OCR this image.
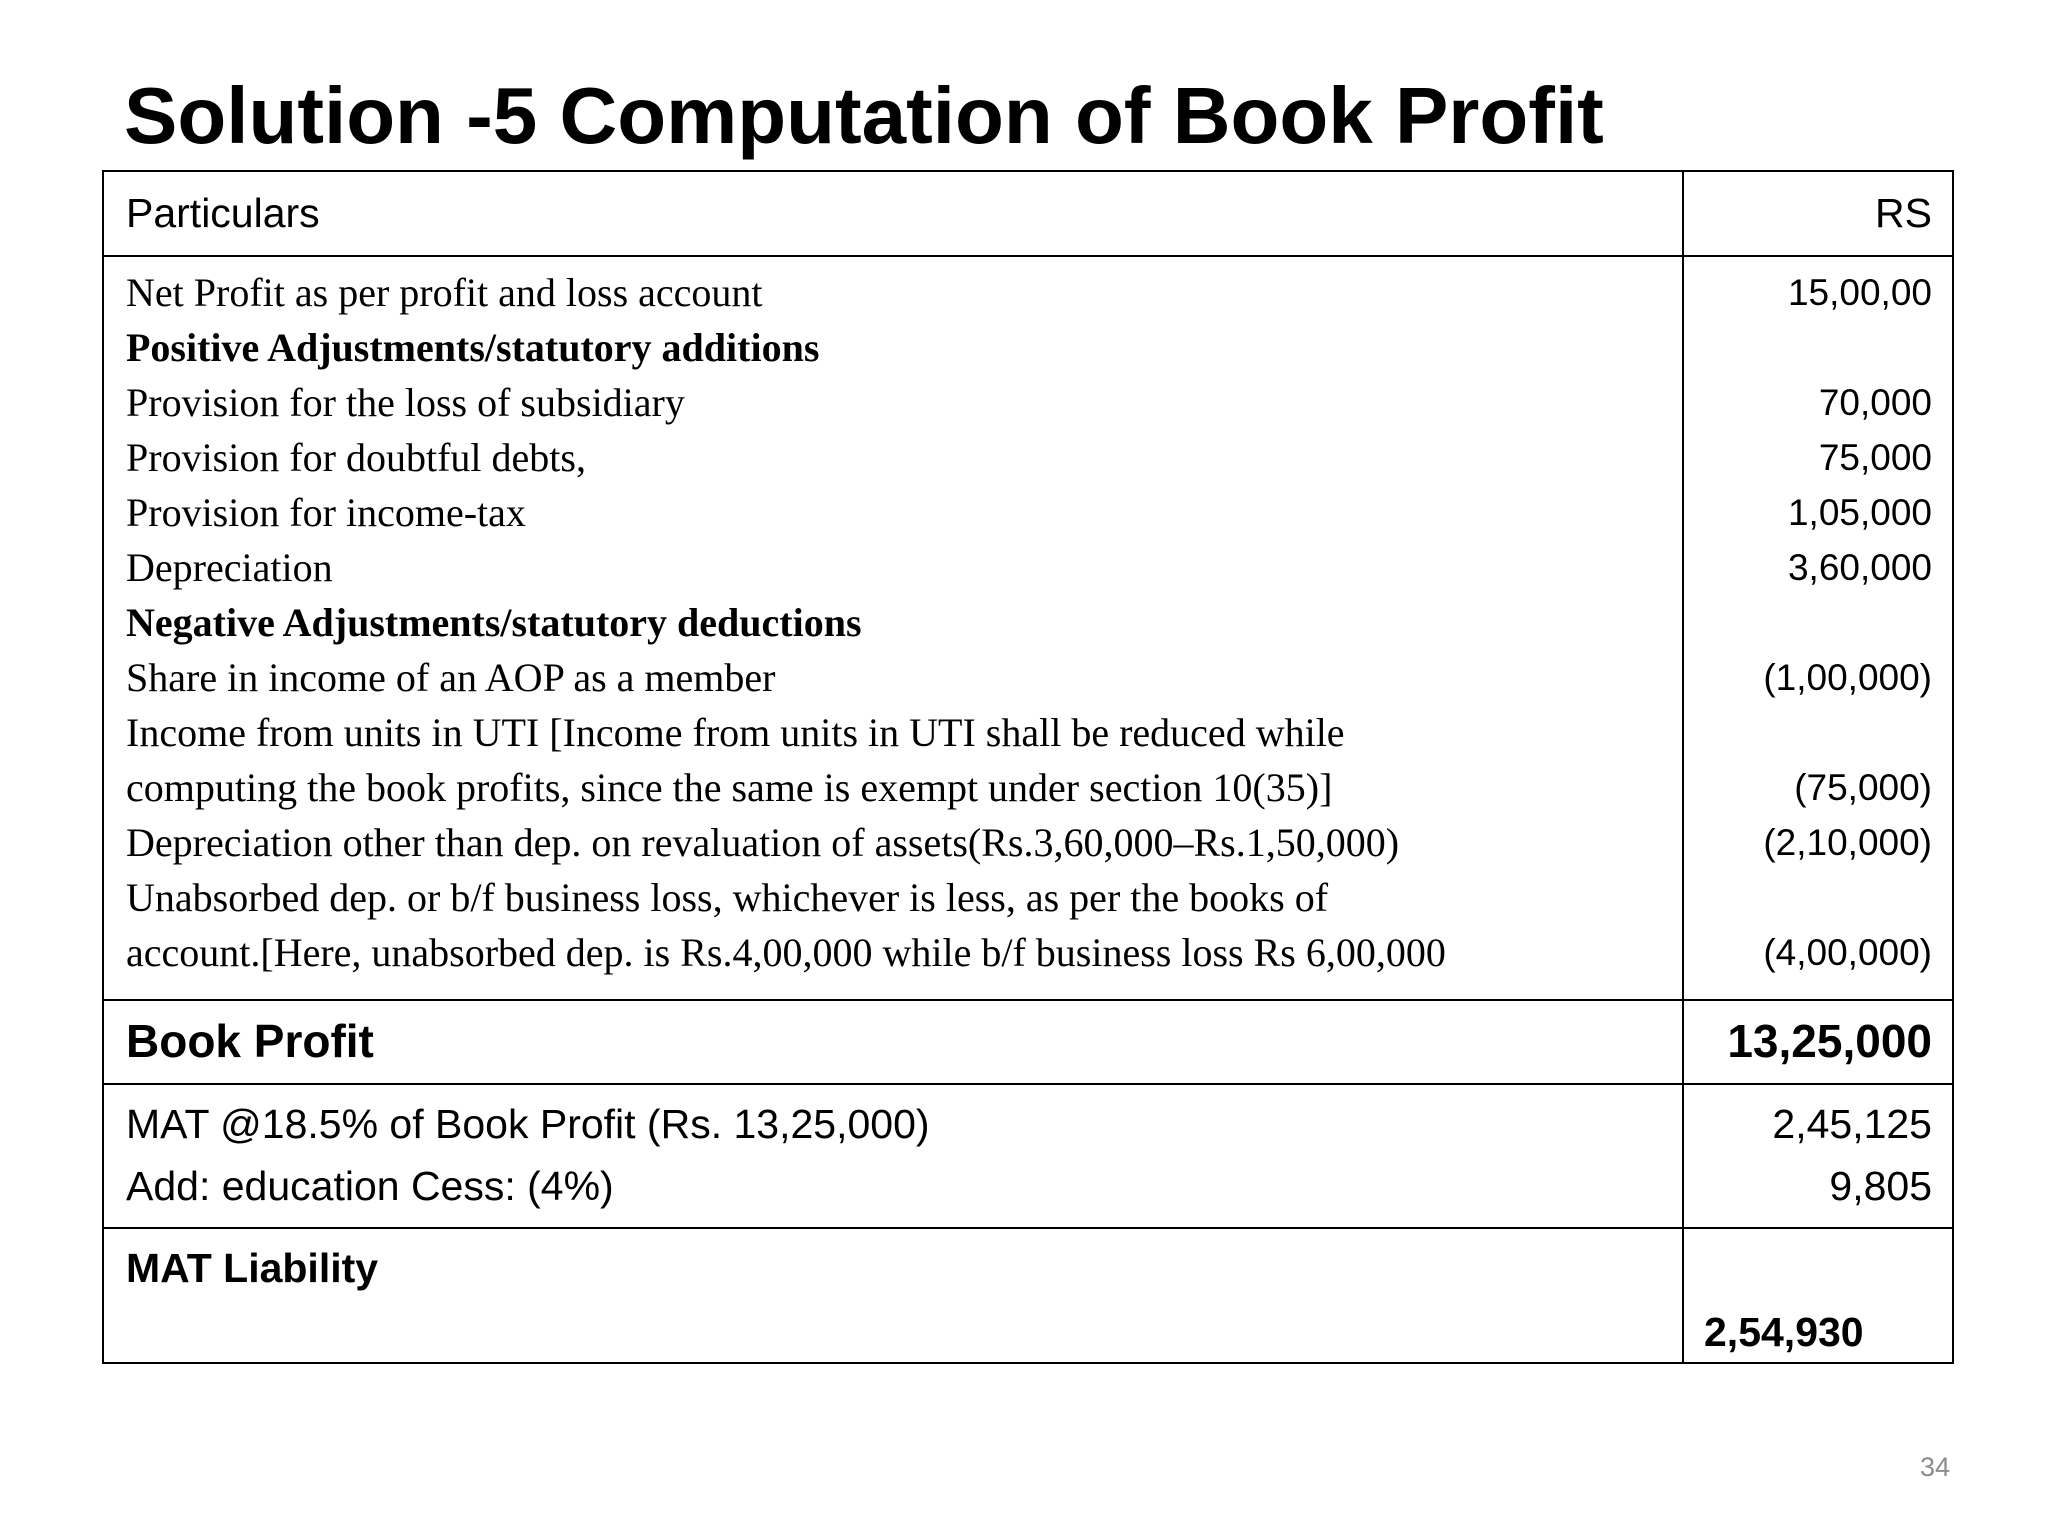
Solution -5 Computation of Book Profit
Particulars	RS
Net Profit as per profit and loss account
Positive Adjustments/statutory additions
Provision for the loss of subsidiary
Provision for doubtful debts,
Provision for income-tax
Depreciation
Negative Adjustments/statutory deductions
Share in income of an AOP as a member
Income from units in UTI [Income from units in UTI shall be reduced while
computing the book profits, since the same is exempt under section 10(35)]
Depreciation other than dep. on revaluation of assets(Rs.3,60,000–Rs.1,50,000)
Unabsorbed dep. or b/f business loss, whichever is less, as per the books of
account.[Here, unabsorbed dep. is Rs.4,00,000 while b/f business loss Rs 6,00,000
15,00,00
70,000
75,000
1,05,000
3,60,000
(1,00,000)
(75,000)
(2,10,000)
(4,00,000)
Book Profit	13,25,000
MAT @18.5% of Book Profit (Rs. 13,25,000)
Add: education Cess: (4%)
2,45,125
9,805
MAT Liability
2,54,930
34
